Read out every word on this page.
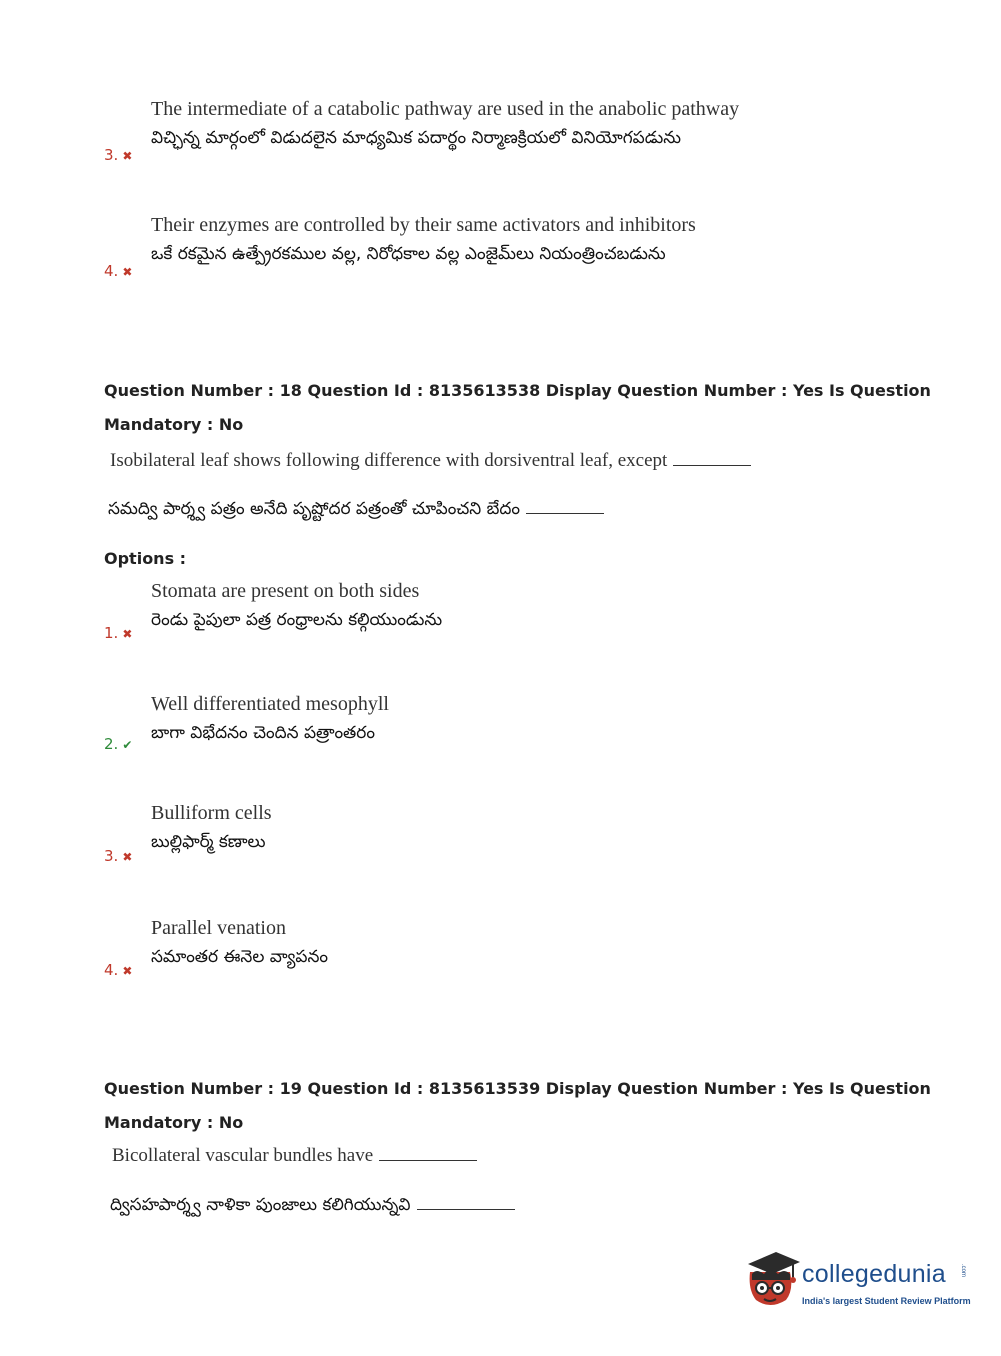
The intermediate of a catabolic pathway are used in the anabolic pathway
విచ్ఛిన్న మార్గంలో విడుదలైన మాధ్యమిక పదార్థం నిర్మాణక్రియలో వినియోగపడును
3. ✖
Their enzymes are controlled by their same activators and inhibitors
ఒకే రకమైన ఉత్ప్రేరకముల వల్ల, నిరోధకాల వల్ల ఎంజైమ్‌లు నియంత్రించబడును
4. ✖
Question Number : 18 Question Id : 8135613538 Display Question Number : Yes Is Question
Mandatory : No
Isobilateral leaf shows following difference with dorsiventral leaf, except
సమద్వి పార్శ్వ పత్రం అనేది పృష్టోదర పత్రంతో చూపించని బేదం
Options :
Stomata are present on both sides
రెండు పైపులా పత్ర రంధ్రాలను కల్గియుండును
1. ✖
Well differentiated mesophyll
బాగా విభేదనం చెందిన పత్రాంతరం
2. ✔
Bulliform cells
బుల్లిఫార్మ్ కణాలు
3. ✖
Parallel venation
సమాంతర ఈనెల వ్యాపనం
4. ✖
Question Number : 19 Question Id : 8135613539 Display Question Number : Yes Is Question
Mandatory : No
Bicollateral vascular bundles have
ద్విసహపార్శ్వ నాళికా పుంజాలు కలిగియున్నవి
collegedunia .com
India's largest Student Review Platform
